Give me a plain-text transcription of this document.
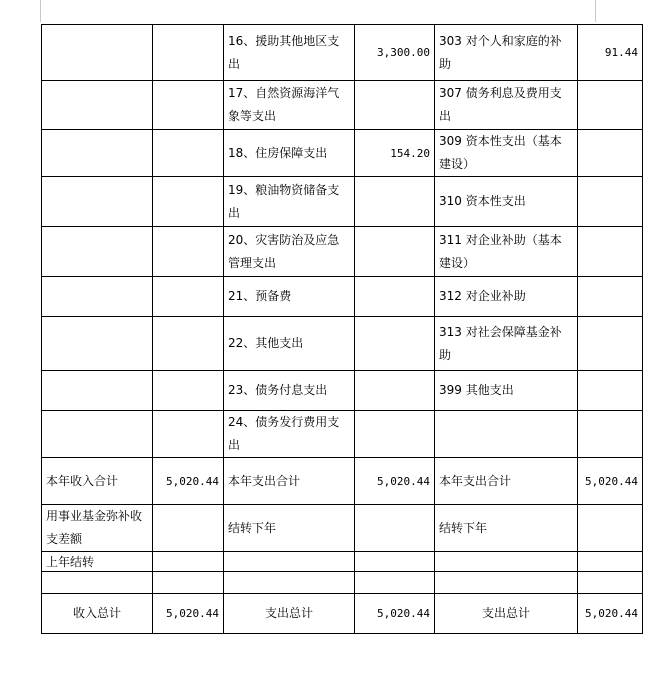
		16、援助其他地区支出	3,300.00	303 对个人和家庭的补助	91.44
		17、自然资源海洋气象等支出		307 债务利息及费用支出	
		18、住房保障支出	154.20	309 资本性支出（基本建设）	
		19、粮油物资储备支出		310 资本性支出	
		20、灾害防治及应急管理支出		311 对企业补助（基本建设）	
		21、预备费		312 对企业补助	
		22、其他支出		313 对社会保障基金补助	
		23、债务付息支出		399 其他支出	
		24、债务发行费用支出			
本年收入合计	5,020.44	本年支出合计	5,020.44	本年支出合计	5,020.44
用事业基金弥补收支差额		结转下年		结转下年	
上年结转					

收入总计	5,020.44	支出总计	5,020.44	支出总计	5,020.44
